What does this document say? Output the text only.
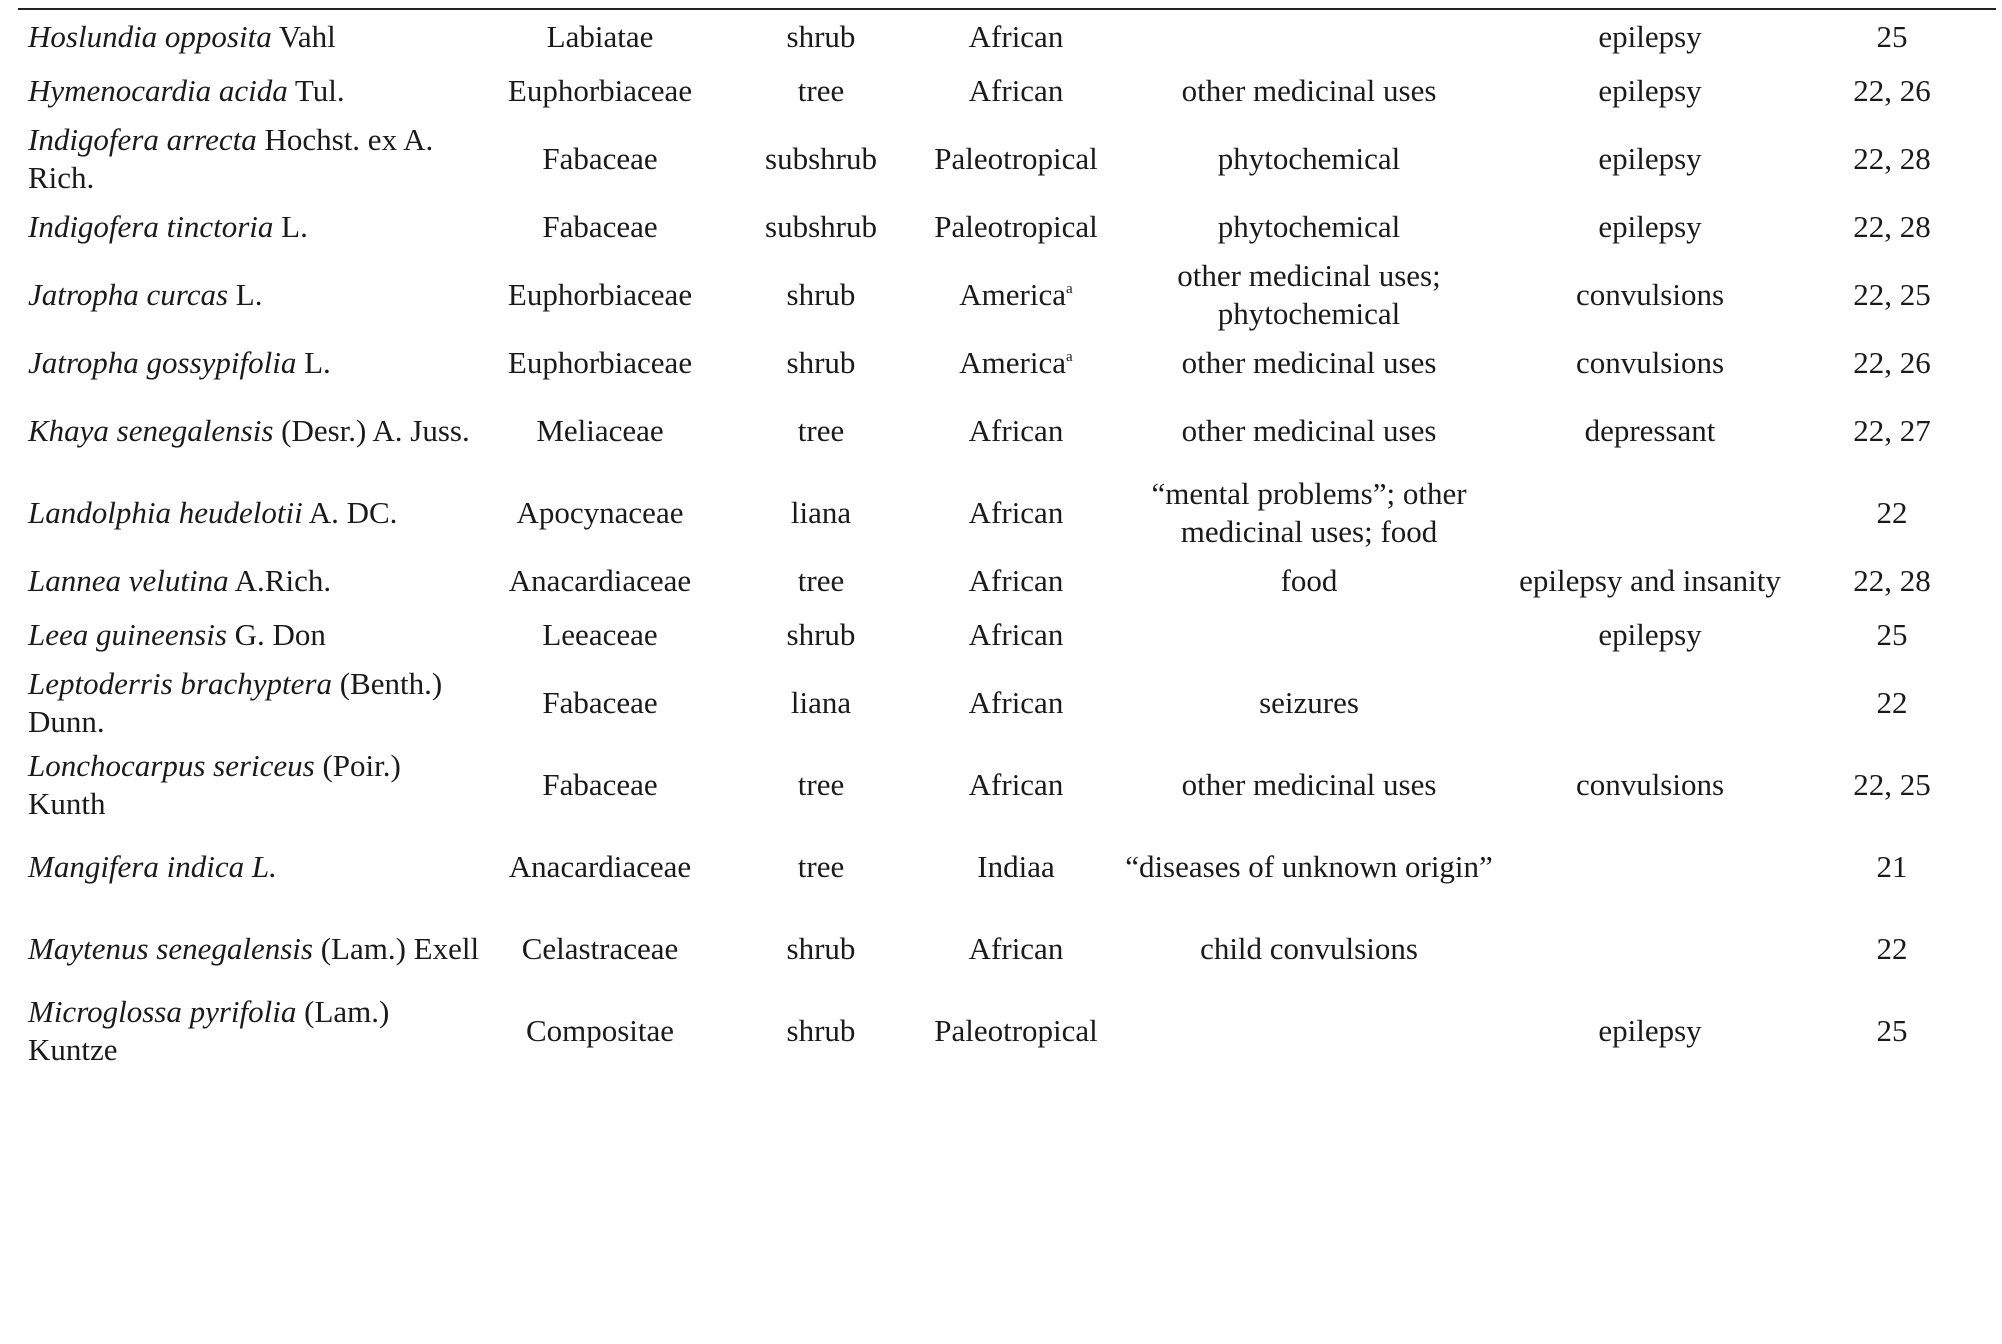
Hoslundia opposita Vahl	Labiatae	shrub	African		epilepsy	25
Hymenocardia acida Tul.	Euphorbiaceae	tree	African	other medicinal uses	epilepsy	22, 26
Indigofera arrecta Hochst. ex A. Rich.	Fabaceae	subshrub	Paleotropical	phytochemical	epilepsy	22, 28
Indigofera tinctoria L.	Fabaceae	subshrub	Paleotropical	phytochemical	epilepsy	22, 28
Jatropha curcas L.	Euphorbiaceae	shrub	America$^a$	other medicinal uses; phytochemical	convulsions	22, 25
Jatropha gossypifolia L.	Euphorbiaceae	shrub	America$^a$	other medicinal uses	convulsions	22, 26
Khaya senegalensis (Desr.) A. Juss.	Meliaceae	tree	African	other medicinal uses	depressant	22, 27
Landolphia heudelotii A. DC.	Apocynaceae	liana	African	“mental problems”; other medicinal uses; food		22
Lannea velutina A.Rich.	Anacardiaceae	tree	African	food	epilepsy and insanity	22, 28
Leea guineensis G. Don	Leeaceae	shrub	African		epilepsy	25
Leptoderris brachyptera (Benth.) Dunn.	Fabaceae	liana	African	seizures		22
Lonchocarpus sericeus (Poir.) Kunth	Fabaceae	tree	African	other medicinal uses	convulsions	22, 25
Mangifera indica L.	Anacardiaceae	tree	Indiaa	“diseases of unknown origin”		21
Maytenus senegalensis (Lam.) Exell	Celastraceae	shrub	African	child convulsions		22
Microglossa pyrifolia (Lam.) Kuntze	Compositae	shrub	Paleotropical		epilepsy	25
